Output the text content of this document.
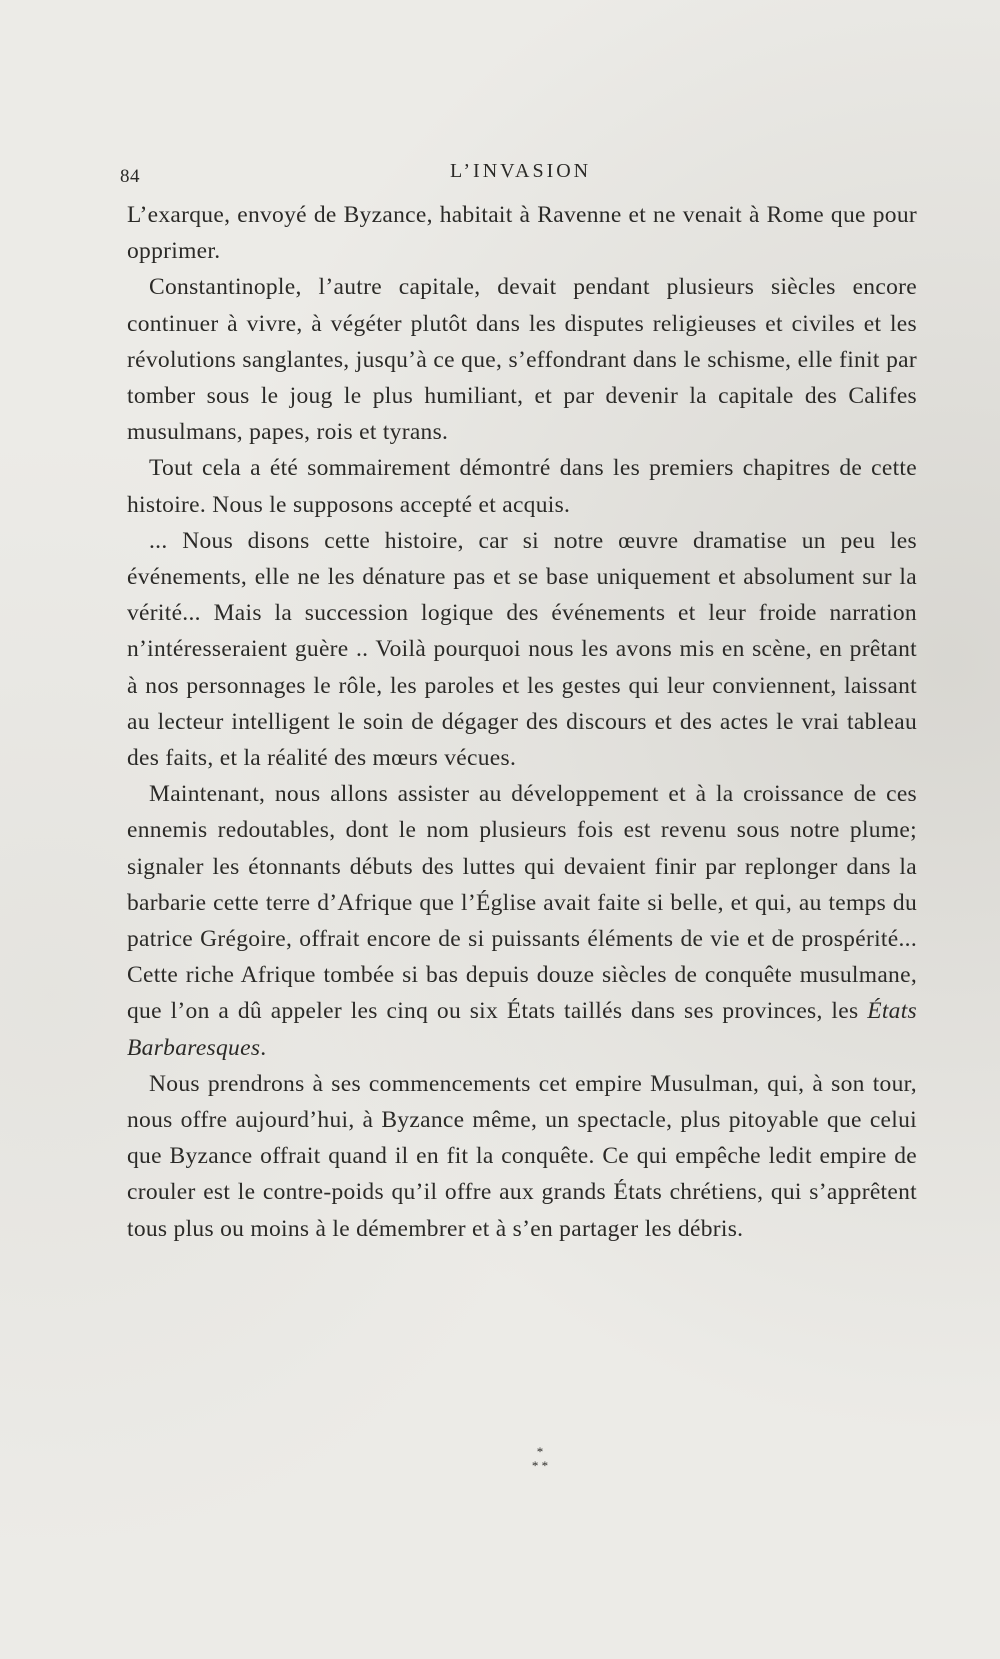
84	L’INVASION

L’exarque, envoyé de Byzance, habitait à Ravenne et ne venait à Rome que pour opprimer.

Constantinople, l’autre capitale, devait pendant plusieurs siècles encore continuer à vivre, à végéter plutôt dans les disputes religieuses et civiles et les révolutions sanglantes, jusqu’à ce que, s’effondrant dans le schisme, elle finit par tomber sous le joug le plus humiliant, et par devenir la capitale des Califes musulmans, papes, rois et tyrans.

Tout cela a été sommairement démontré dans les premiers chapitres de cette histoire. Nous le supposons accepté et acquis.

... Nous disons cette histoire, car si notre œuvre dramatise un peu les événements, elle ne les dénature pas et se base uniquement et absolument sur la vérité... Mais la succession logique des événements et leur froide narration n’intéresseraient guère .. Voilà pourquoi nous les avons mis en scène, en prêtant à nos personnages le rôle, les paroles et les gestes qui leur conviennent, laissant au lecteur intelligent le soin de dégager des discours et des actes le vrai tableau des faits, et la réalité des mœurs vécues.

Maintenant, nous allons assister au développement et à la croissance de ces ennemis redoutables, dont le nom plusieurs fois est revenu sous notre plume; signaler les étonnants débuts des luttes qui devaient finir par replonger dans la barbarie cette terre d’Afrique que l’Église avait faite si belle, et qui, au temps du patrice Grégoire, offrait encore de si puissants éléments de vie et de prospérité... Cette riche Afrique tombée si bas depuis douze siècles de conquête musulmane, que l’on a dû appeler les cinq ou six États taillés dans ses provinces, les États Barbaresques.

Nous prendrons à ses commencements cet empire Musulman, qui, à son tour, nous offre aujourd’hui, à Byzance même, un spectacle, plus pitoyable que celui que Byzance offrait quand il en fit la conquête. Ce qui empêche ledit empire de crouler est le contre-poids qu’il offre aux grands États chrétiens, qui s’apprêtent tous plus ou moins à le démembrer et à s’en partager les débris.

*
* *
